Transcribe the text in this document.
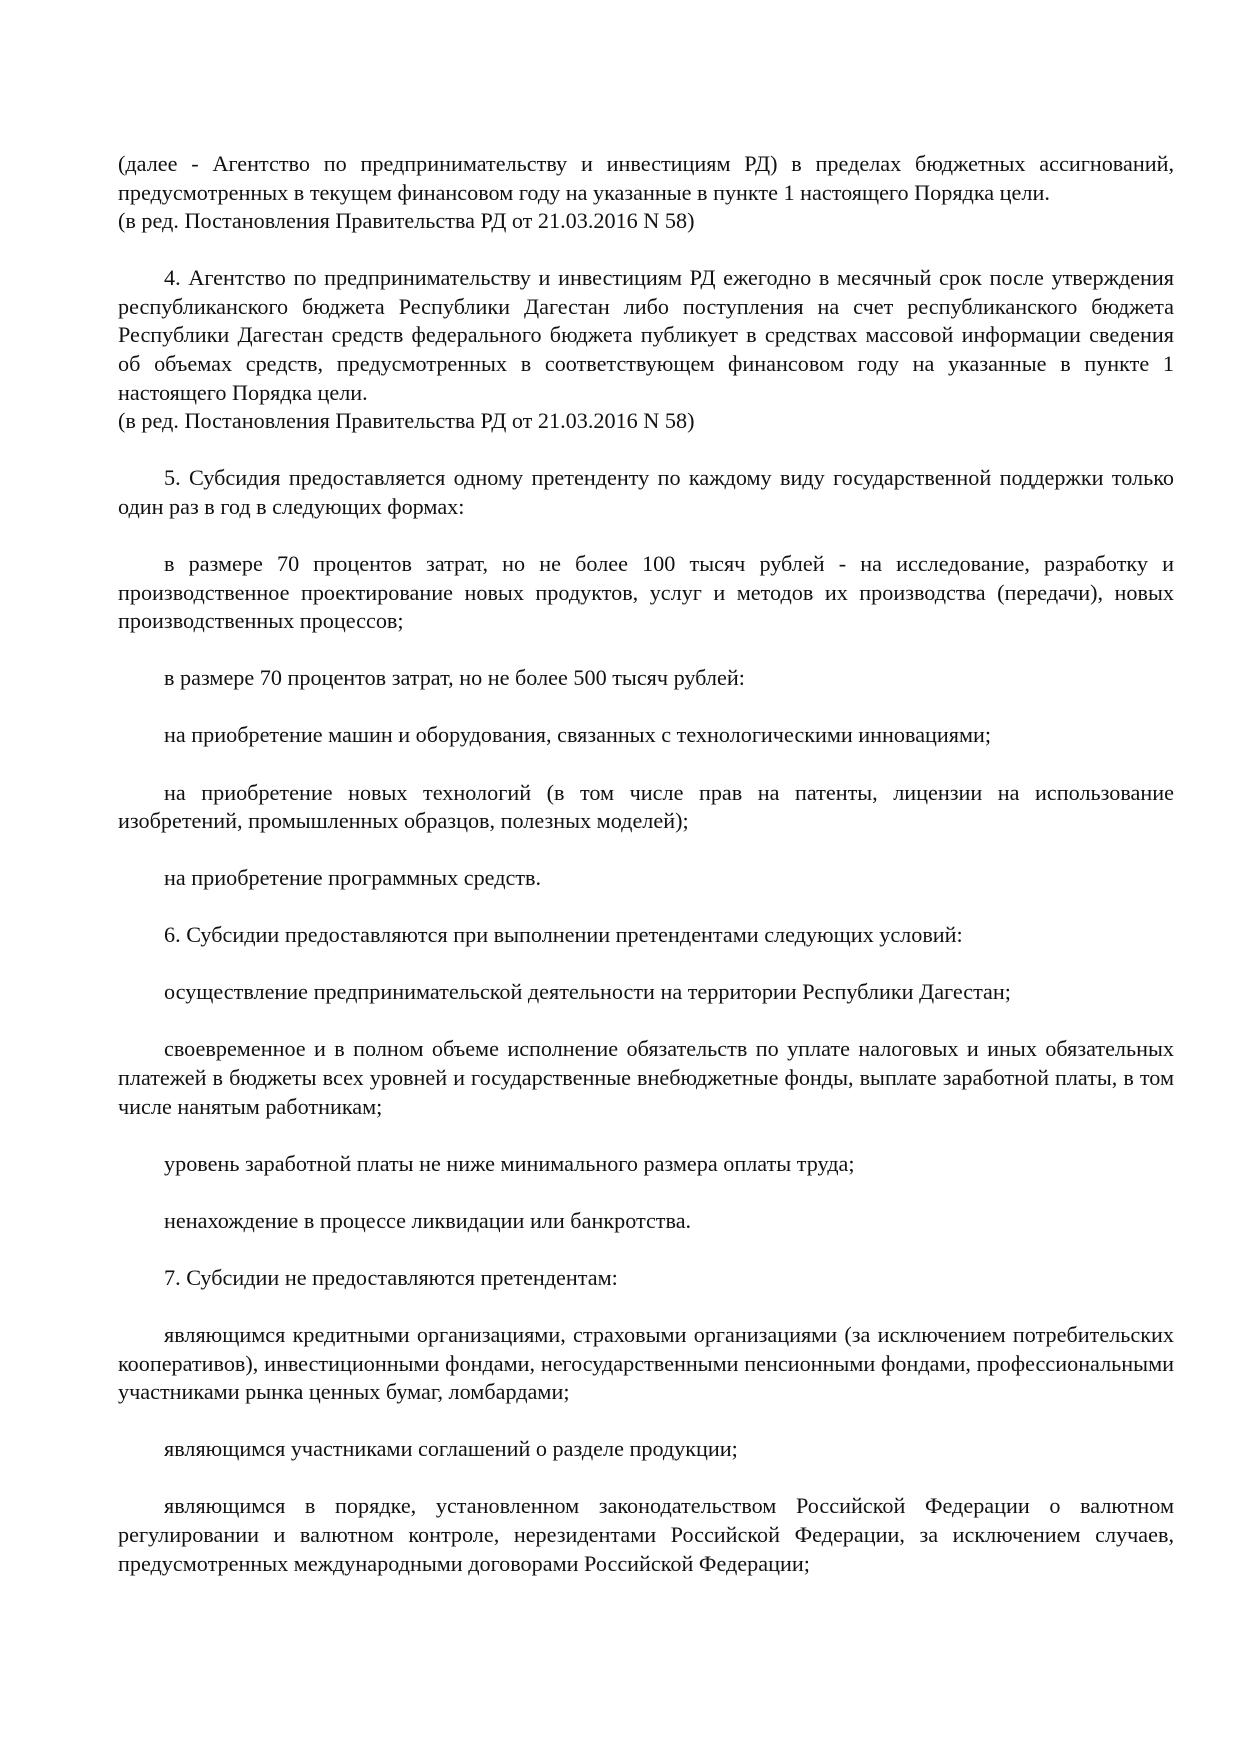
(далее - Агентство по предпринимательству и инвестициям РД) в пределах бюджетных ассигнований, предусмотренных в текущем финансовом году на указанные в пункте 1 настоящего Порядка цели.

(в ред. Постановления Правительства РД от 21.03.2016 N 58)

4. Агентство по предпринимательству и инвестициям РД ежегодно в месячный срок после утверждения республиканского бюджета Республики Дагестан либо поступления на счет республиканского бюджета Республики Дагестан средств федерального бюджета публикует в средствах массовой информации сведения об объемах средств, предусмотренных в соответствующем финансовом году на указанные в пункте 1 настоящего Порядка цели.

(в ред. Постановления Правительства РД от 21.03.2016 N 58)

5. Субсидия предоставляется одному претенденту по каждому виду государственной поддержки только один раз в год в следующих формах:

в размере 70 процентов затрат, но не более 100 тысяч рублей - на исследование, разработку и производственное проектирование новых продуктов, услуг и методов их производства (передачи), новых производственных процессов;

в размере 70 процентов затрат, но не более 500 тысяч рублей:

на приобретение машин и оборудования, связанных с технологическими инновациями;

на приобретение новых технологий (в том числе прав на патенты, лицензии на использование изобретений, промышленных образцов, полезных моделей);

на приобретение программных средств.

6. Субсидии предоставляются при выполнении претендентами следующих условий:

осуществление предпринимательской деятельности на территории Республики Дагестан;

своевременное и в полном объеме исполнение обязательств по уплате налоговых и иных обязательных платежей в бюджеты всех уровней и государственные внебюджетные фонды, выплате заработной платы, в том числе нанятым работникам;

уровень заработной платы не ниже минимального размера оплаты труда;

ненахождение в процессе ликвидации или банкротства.

7. Субсидии не предоставляются претендентам:

являющимся кредитными организациями, страховыми организациями (за исключением потребительских кооперативов), инвестиционными фондами, негосударственными пенсионными фондами, профессиональными участниками рынка ценных бумаг, ломбардами;

являющимся участниками соглашений о разделе продукции;

являющимся в порядке, установленном законодательством Российской Федерации о валютном регулировании и валютном контроле, нерезидентами Российской Федерации, за исключением случаев, предусмотренных международными договорами Российской Федерации;
